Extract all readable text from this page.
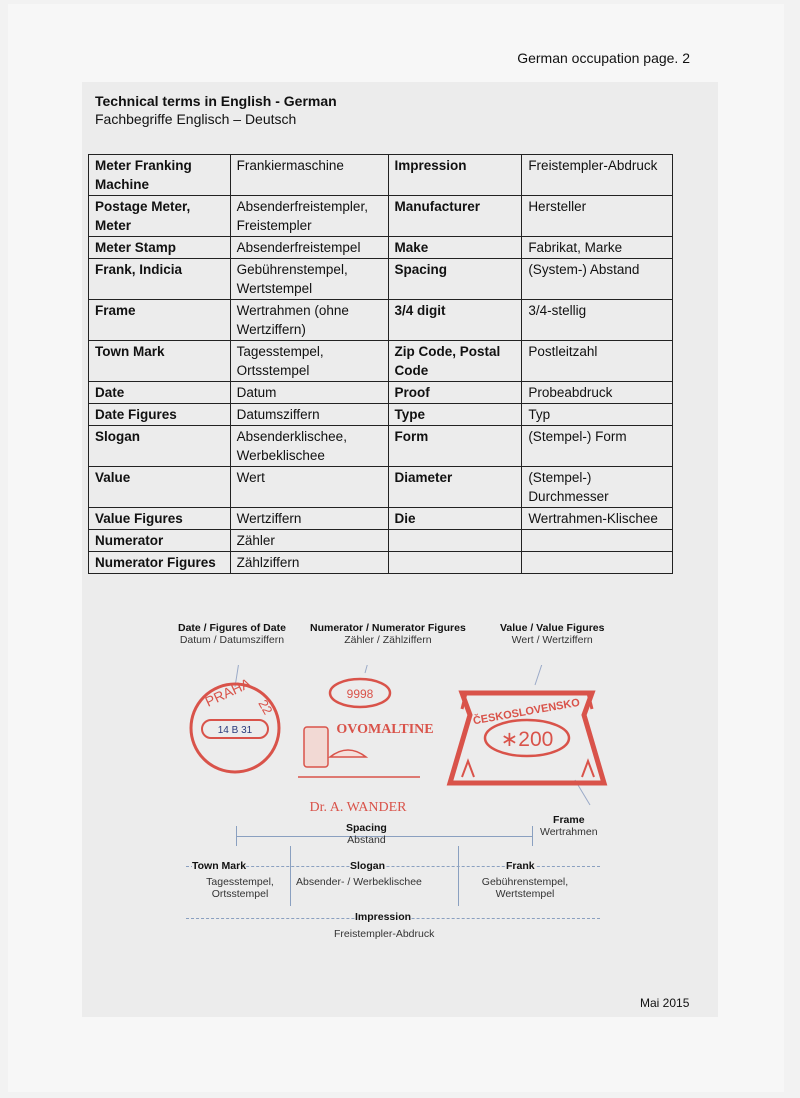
German occupation page. 2
Technical terms in English - German
Fachbegriffe Englisch – Deutsch
Meter Franking Machine	Frankiermaschine	Impression	Freistempler-Abdruck
Postage Meter, Meter	Absenderfreistempler, Freistempler	Manufacturer	Hersteller
Meter Stamp	Absenderfreistempel	Make	Fabrikat, Marke
Frank, Indicia	Gebührenstempel, Wertstempel	Spacing	(System-) Abstand
Frame	Wertrahmen (ohne Wertziffern)	3/4 digit	3/4-stellig
Town Mark	Tagesstempel, Ortsstempel	Zip Code, Postal Code	Postleitzahl
Date	Datum	Proof	Probeabdruck
Date Figures	Datumsziffern	Type	Typ
Slogan	Absenderklischee, Werbeklischee	Form	(Stempel-) Form
Value	Wert	Diameter	(Stempel-) Durchmesser
Value Figures	Wertziffern	Die	Wertrahmen-Klischee
Numerator	Zähler		
Numerator Figures	Zählziffern		
Date / Figures of Date
Datum / Datumsziffern
Numerator / Numerator Figures
Zähler / Zählziffern
Value / Value Figures
Wert / Wertziffern
PRAHA 22
14 B 31
9998
OVOMALTINE
Dr. A. WANDER
ČESKOSLOVENSKO
∗200
Frame
Wertrahmen
Spacing
Abstand
Town Mark
Tagesstempel, Ortsstempel
Slogan
Absender- / Werbeklischee
Frank
Gebührenstempel, Wertstempel
Impression
Freistempler-Abdruck
Mai 2015
